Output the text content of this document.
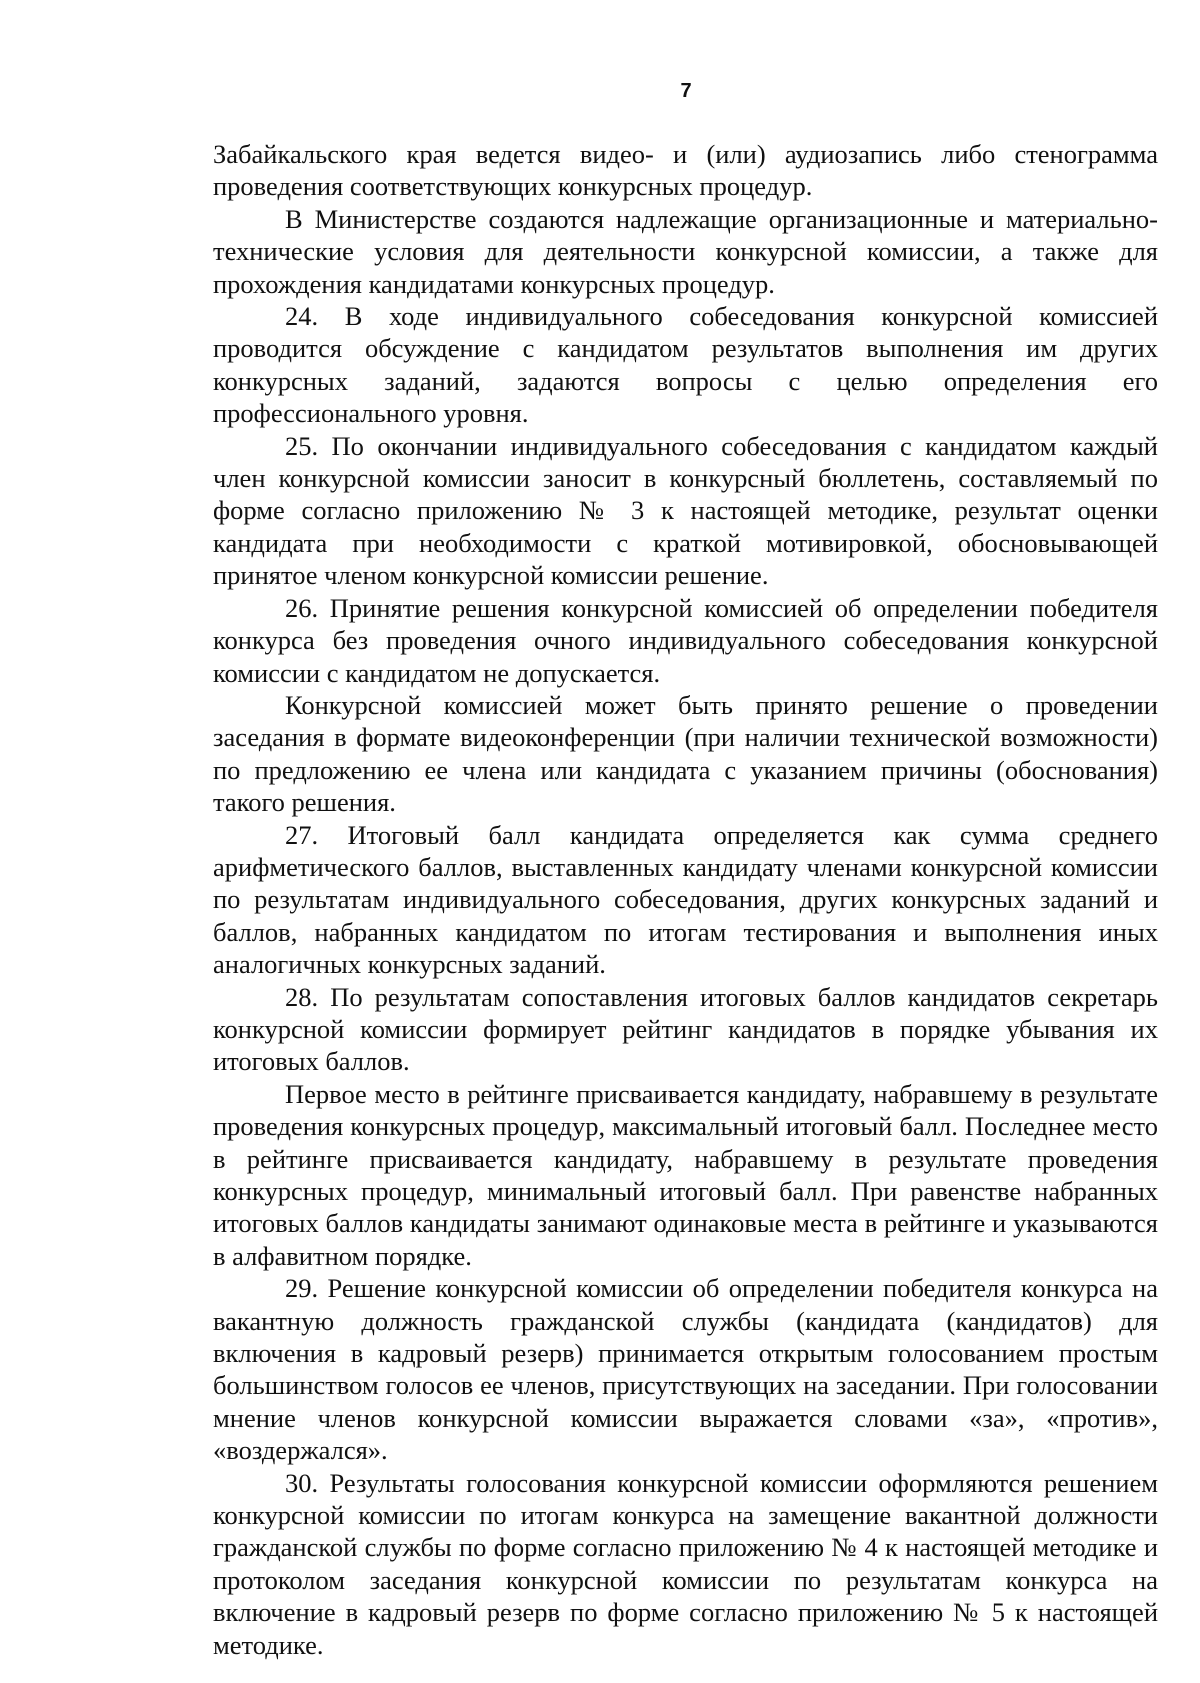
7

Забайкальского края ведется видео- и (или) аудиозапись либо стенограмма проведения соответствующих конкурсных процедур.

В Министерстве создаются надлежащие организационные и материально-технические условия для деятельности конкурсной комиссии, а также для прохождения кандидатами конкурсных процедур.

24. В ходе индивидуального собеседования конкурсной комиссией проводится обсуждение с кандидатом результатов выполнения им других конкурсных заданий, задаются вопросы с целью определения его профессионального уровня.

25. По окончании индивидуального собеседования с кандидатом каждый член конкурсной комиссии заносит в конкурсный бюллетень, составляемый по форме согласно приложению № 3 к настоящей методике, результат оценки кандидата при необходимости с краткой мотивировкой, обосновывающей принятое членом конкурсной комиссии решение.

26. Принятие решения конкурсной комиссией об определении победителя конкурса без проведения очного индивидуального собеседования конкурсной комиссии с кандидатом не допускается.

Конкурсной комиссией может быть принято решение о проведении заседания в формате видеоконференции (при наличии технической возможности) по предложению ее члена или кандидата с указанием причины (обоснования) такого решения.

27. Итоговый балл кандидата определяется как сумма среднего арифметического баллов, выставленных кандидату членами конкурсной комиссии по результатам индивидуального собеседования, других конкурсных заданий и баллов, набранных кандидатом по итогам тестирования и выполнения иных аналогичных конкурсных заданий.

28. По результатам сопоставления итоговых баллов кандидатов секретарь конкурсной комиссии формирует рейтинг кандидатов в порядке убывания их итоговых баллов.

Первое место в рейтинге присваивается кандидату, набравшему в результате проведения конкурсных процедур, максимальный итоговый балл. Последнее место в рейтинге присваивается кандидату, набравшему в результате проведения конкурсных процедур, минимальный итоговый балл. При равенстве набранных итоговых баллов кандидаты занимают одинаковые места в рейтинге и указываются в алфавитном порядке.

29. Решение конкурсной комиссии об определении победителя конкурса на вакантную должность гражданской службы (кандидата (кандидатов) для включения в кадровый резерв) принимается открытым голосованием простым большинством голосов ее членов, присутствующих на заседании. При голосовании мнение членов конкурсной комиссии выражается словами «за», «против», «воздержался».

30. Результаты голосования конкурсной комиссии оформляются решением конкурсной комиссии по итогам конкурса на замещение вакантной должности гражданской службы по форме согласно приложению № 4 к настоящей методике и протоколом заседания конкурсной комиссии по результатам конкурса на включение в кадровый резерв по форме согласно приложению № 5 к настоящей методике.
